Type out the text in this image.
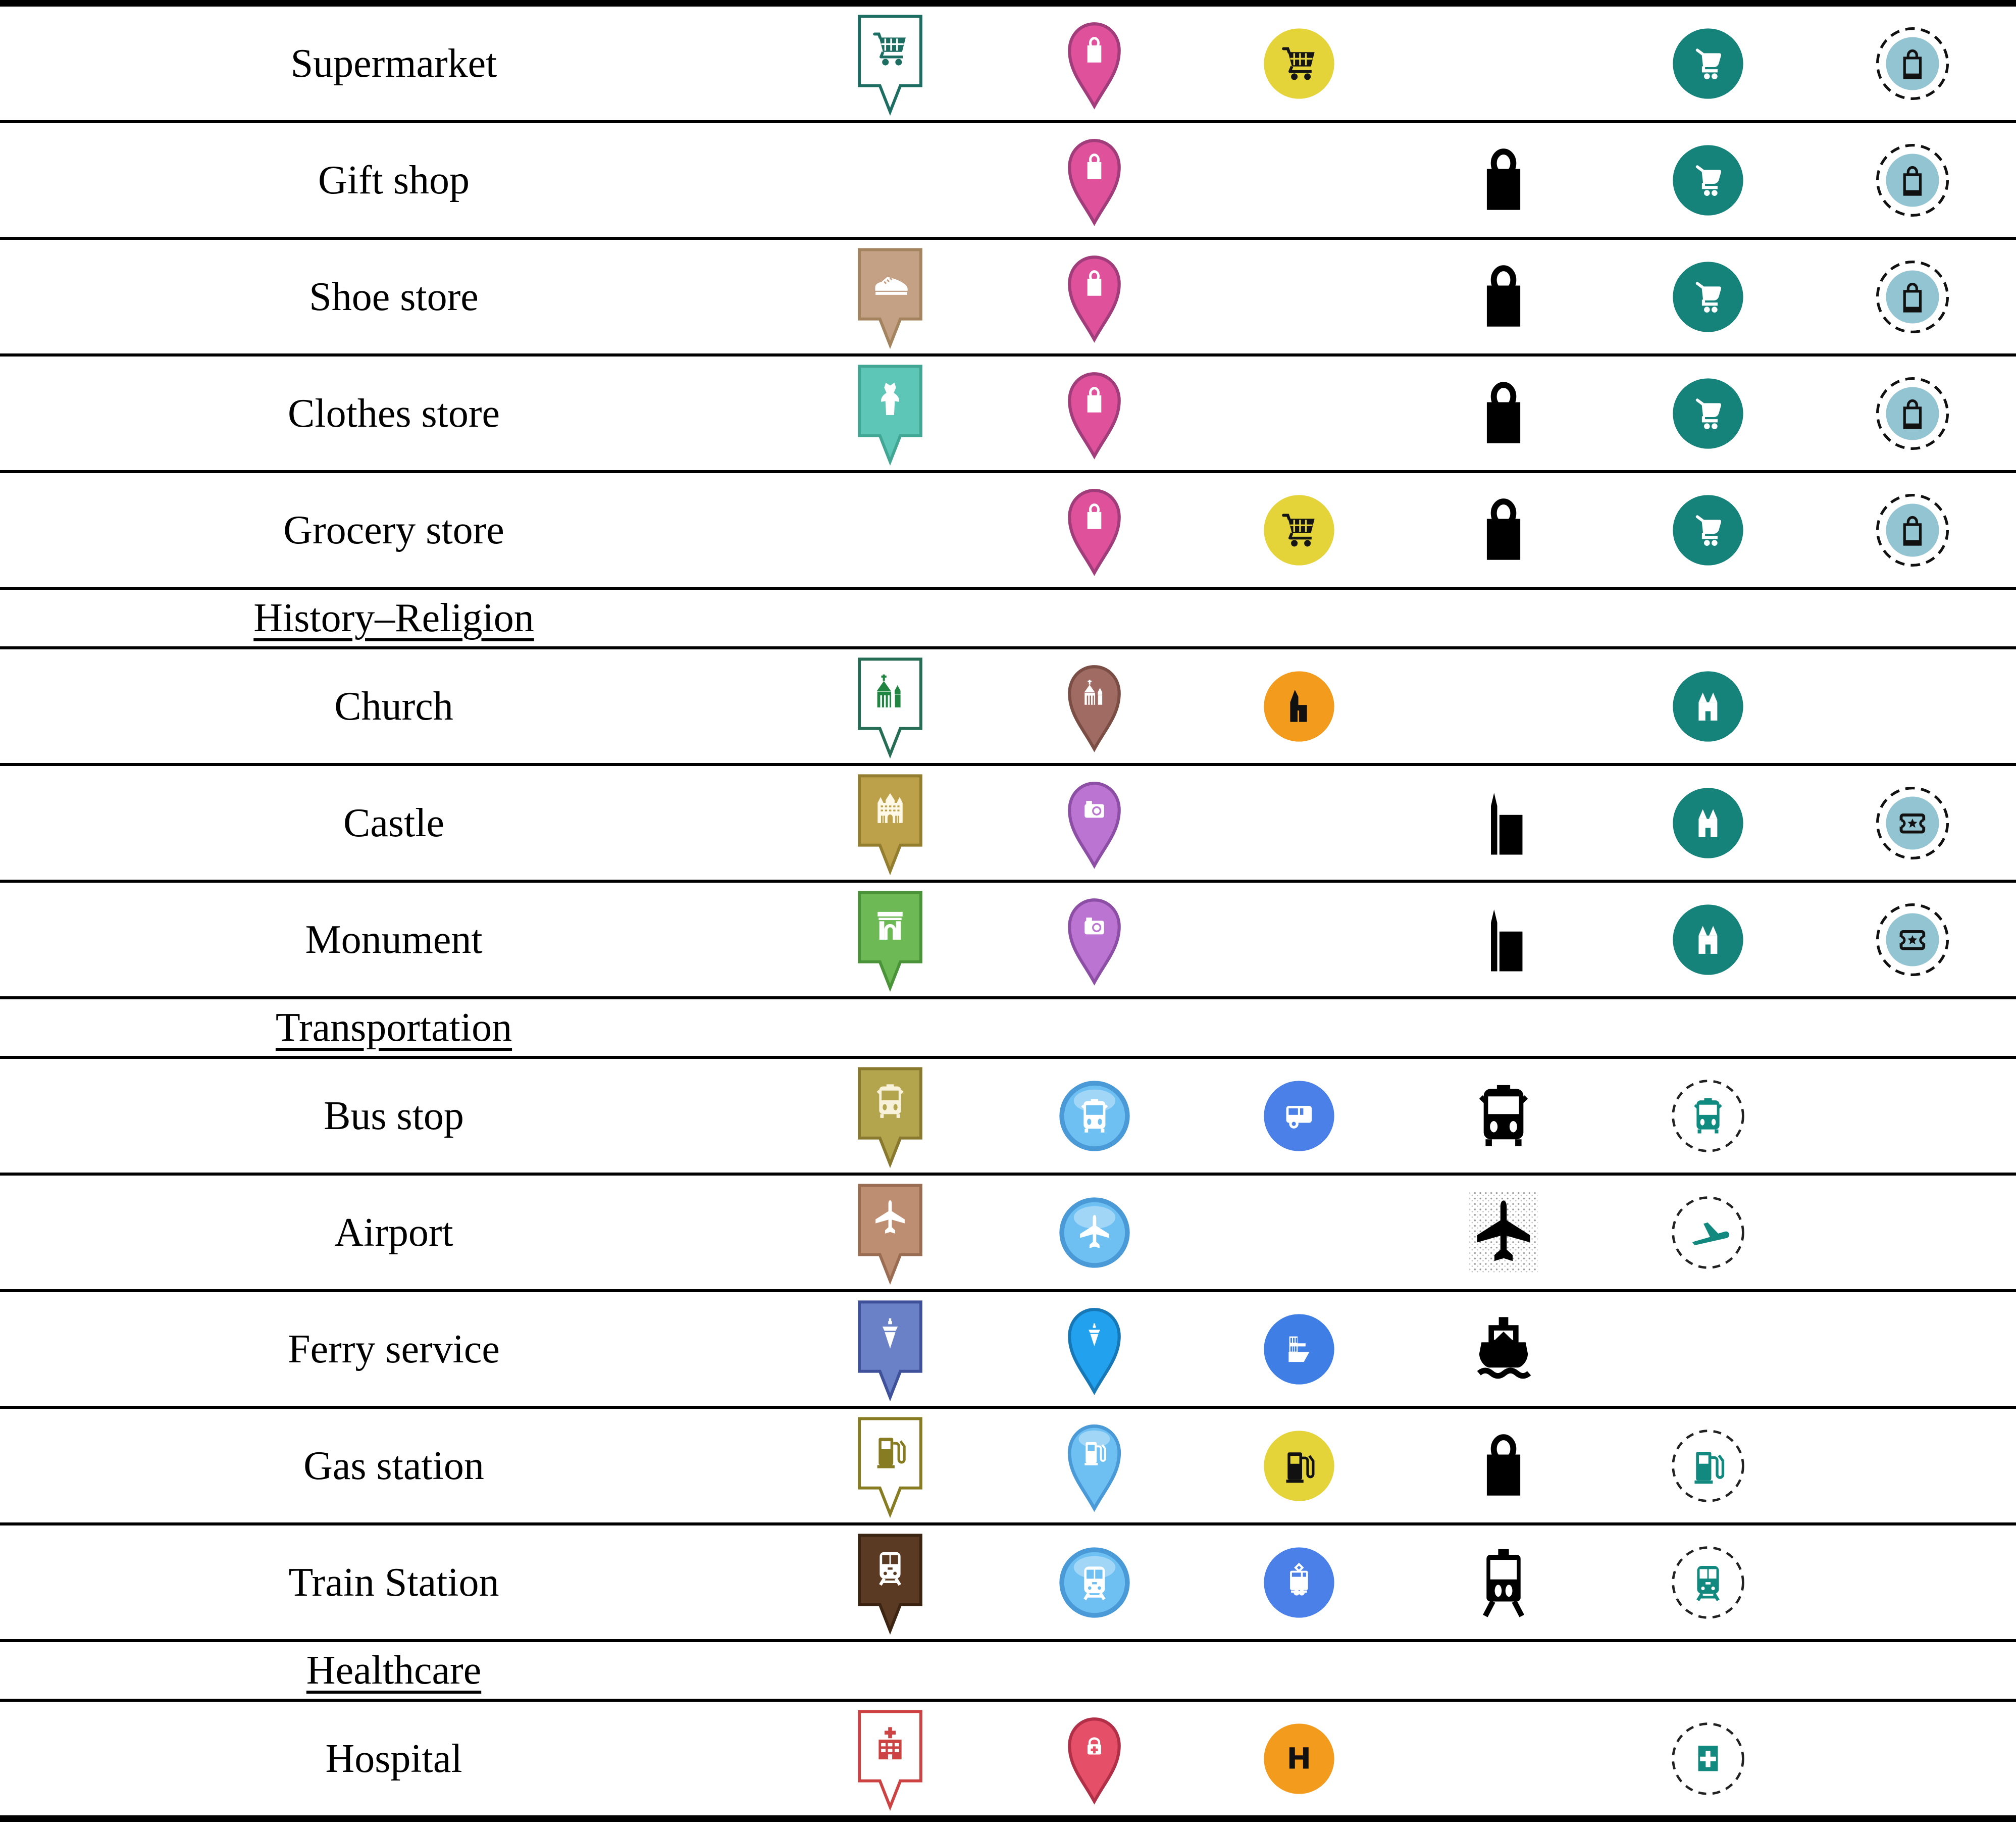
Supermarket
Gift shop
Shoe store
Clothes store
Grocery store
History–Religion
Church
Castle
Monument
Transportation
Bus stop
Airport
Ferry service
Gas station
Train Station
Healthcare
Hospital	H
